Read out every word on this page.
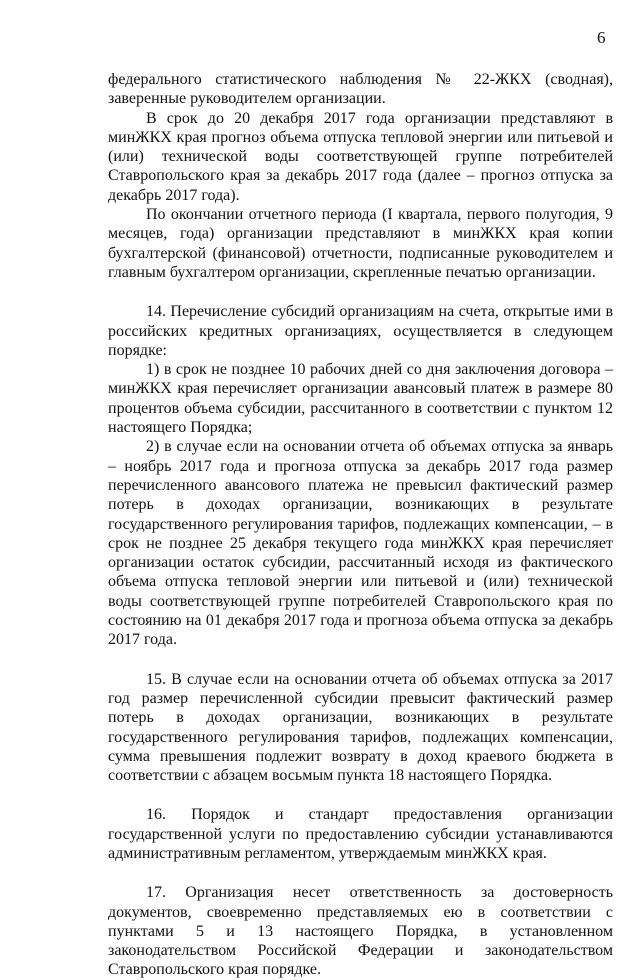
6

федерального статистического наблюдения № 22-ЖКХ (сводная), заверенные руководителем организации.

В срок до 20 декабря 2017 года организации представляют в минЖКХ края прогноз объема отпуска тепловой энергии или питьевой и (или) технической воды соответствующей группе потребителей Ставропольского края за декабрь 2017 года (далее – прогноз отпуска за декабрь 2017 года).

По окончании отчетного периода (I квартала, первого полугодия, 9 месяцев, года) организации представляют в минЖКХ края копии бухгалтерской (финансовой) отчетности, подписанные руководителем и главным бухгалтером организации, скрепленные печатью организации.

14. Перечисление субсидий организациям на счета, открытые ими в российских кредитных организациях, осуществляется в следующем порядке:

1) в срок не позднее 10 рабочих дней со дня заключения договора – минЖКХ края перечисляет организации авансовый платеж в размере 80 процентов объема субсидии, рассчитанного в соответствии с пунктом 12 настоящего Порядка;

2) в случае если на основании отчета об объемах отпуска за январь – ноябрь 2017 года и прогноза отпуска за декабрь 2017 года размер перечисленного авансового платежа не превысил фактический размер потерь в доходах организации, возникающих в результате государственного регулирования тарифов, подлежащих компенсации, – в срок не позднее 25 декабря текущего года минЖКХ края перечисляет организации остаток субсидии, рассчитанный исходя из фактического объема отпуска тепловой энергии или питьевой и (или) технической воды соответствующей группе потребителей Ставропольского края по состоянию на 01 декабря 2017 года и прогноза объема отпуска за декабрь 2017 года.

15. В случае если на основании отчета об объемах отпуска за 2017 год размер перечисленной субсидии превысит фактический размер потерь в доходах организации, возникающих в результате государственного регулирования тарифов, подлежащих компенсации, сумма превышения подлежит возврату в доход краевого бюджета в соответствии с абзацем восьмым пункта 18 настоящего Порядка.

16. Порядок и стандарт предоставления организации государственной услуги по предоставлению субсидии устанавливаются административным регламентом, утверждаемым минЖКХ края.

17. Организация несет ответственность за достоверность документов, своевременно представляемых ею в соответствии с пунктами 5 и 13 настоящего Порядка, в установленном законодательством Российской Федерации и законодательством Ставропольского края порядке.
